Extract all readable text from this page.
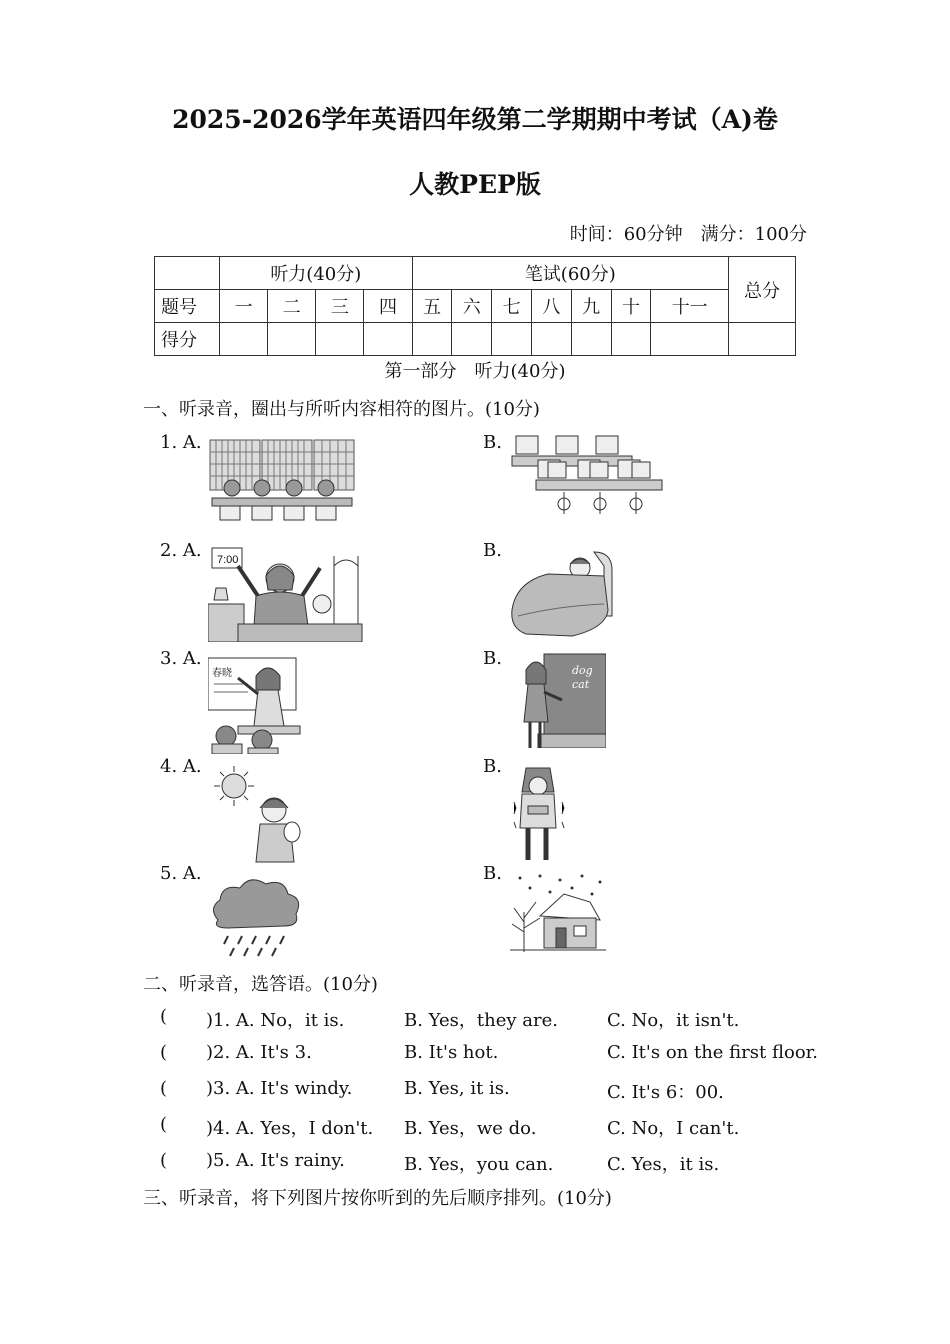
2025-2026学年英语四年级第二学期期中考试（A)卷
人教PEP版
时间：60分钟　满分：100分
	听力(40分)				笔试(60分)							总分
题号	一	二	三	四	五	六	七	八	九	十	十一	
得分												
第一部分　听力(40分)
一、听录音，圈出与所听内容相符的图片。(10分)
1. A.	B.
2. A.	B.
7:00
3. A.	B.
春晓	dog
cat
4. A.	B.
5. A.	B.
二、听录音，选答语。(10分)
( )1. A. No，it is.	B. Yes，they are.	C. No，it isn't.
( )2. A. It's 3.	B. It's hot.	C. It's on the first floor.
( )3. A. It's windy.	B. Yes, it is.	C. It's 6：00.
( )4. A. Yes，I don't. B. Yes，we do.	C. No，I can't.
( )5. A. It's rainy.	B. Yes，you can.	C. Yes，it is.
三、听录音，将下列图片按你听到的先后顺序排列。(10分)
